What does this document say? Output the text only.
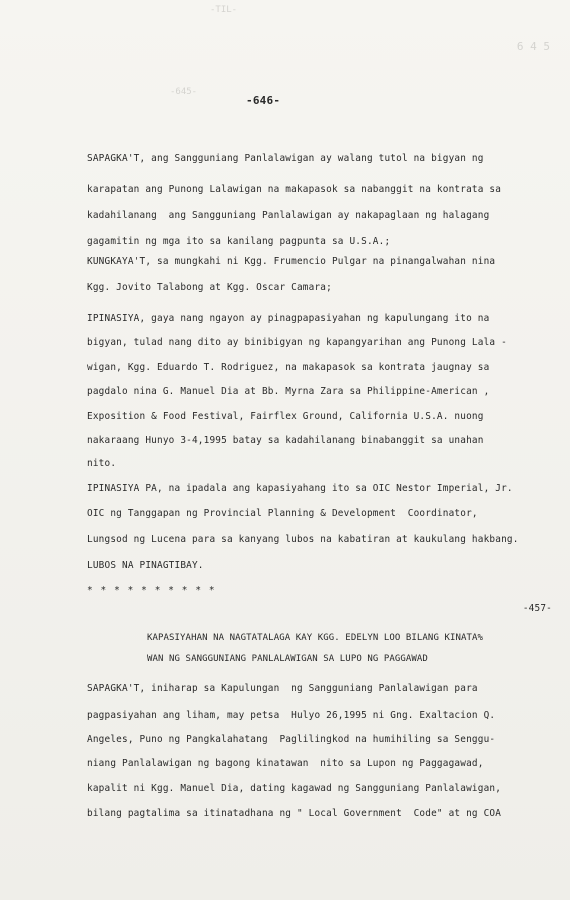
-TIL-
6 4 5
-645-
-646-
SAPAGKA'T, ang Sangguniang Panlalawigan ay walang tutol na bigyan ng
karapatan ang Punong Lalawigan na makapasok sa nabanggit na kontrata sa
kadahilanang  ang Sangguniang Panlalawigan ay nakapaglaan ng halagang
gagamitin ng mga ito sa kanilang pagpunta sa U.S.A.;
KUNGKAYA'T, sa mungkahi ni Kgg. Frumencio Pulgar na pinangalwahan nina
Kgg. Jovito Talabong at Kgg. Oscar Camara;
IPINASIYA, gaya nang ngayon ay pinagpapasiyahan ng kapulungang ito na
bigyan, tulad nang dito ay binibigyan ng kapangyarihan ang Punong Lala -
wigan, Kgg. Eduardo T. Rodriguez, na makapasok sa kontrata jaugnay sa
pagdalo nina G. Manuel Dia at Bb. Myrna Zara sa Philippine-American ,
Exposition & Food Festival, Fairflex Ground, California U.S.A. nuong
nakaraang Hunyo 3-4,1995 batay sa kadahilanang binabanggit sa unahan
nito.
IPINASIYA PA, na ipadala ang kapasiyahang ito sa OIC Nestor Imperial, Jr.
OIC ng Tanggapan ng Provincial Planning & Development  Coordinator,
Lungsod ng Lucena para sa kanyang lubos na kabatiran at kaukulang hakbang.
LUBOS NA PINAGTIBAY.
* * * * * * * * * *
-457-
KAPASIYAHAN NA NAGTATALAGA KAY KGG. EDELYN LOO BILANG KINATA%
WAN NG SANGGUNIANG PANLALAWIGAN SA LUPO NG PAGGAWAD
SAPAGKA'T, iniharap sa Kapulungan  ng Sangguniang Panlalawigan para
pagpasiyahan ang liham, may petsa  Hulyo 26,1995 ni Gng. Exaltacion Q.
Angeles, Puno ng Pangkalahatang  Paglilingkod na humihiling sa Senggu-
niang Panlalawigan ng bagong kinatawan  nito sa Lupon ng Paggagawad,
kapalit ni Kgg. Manuel Dia, dating kagawad ng Sangguniang Panlalawigan,
bilang pagtalima sa itinatadhana ng " Local Government  Code" at ng COA
